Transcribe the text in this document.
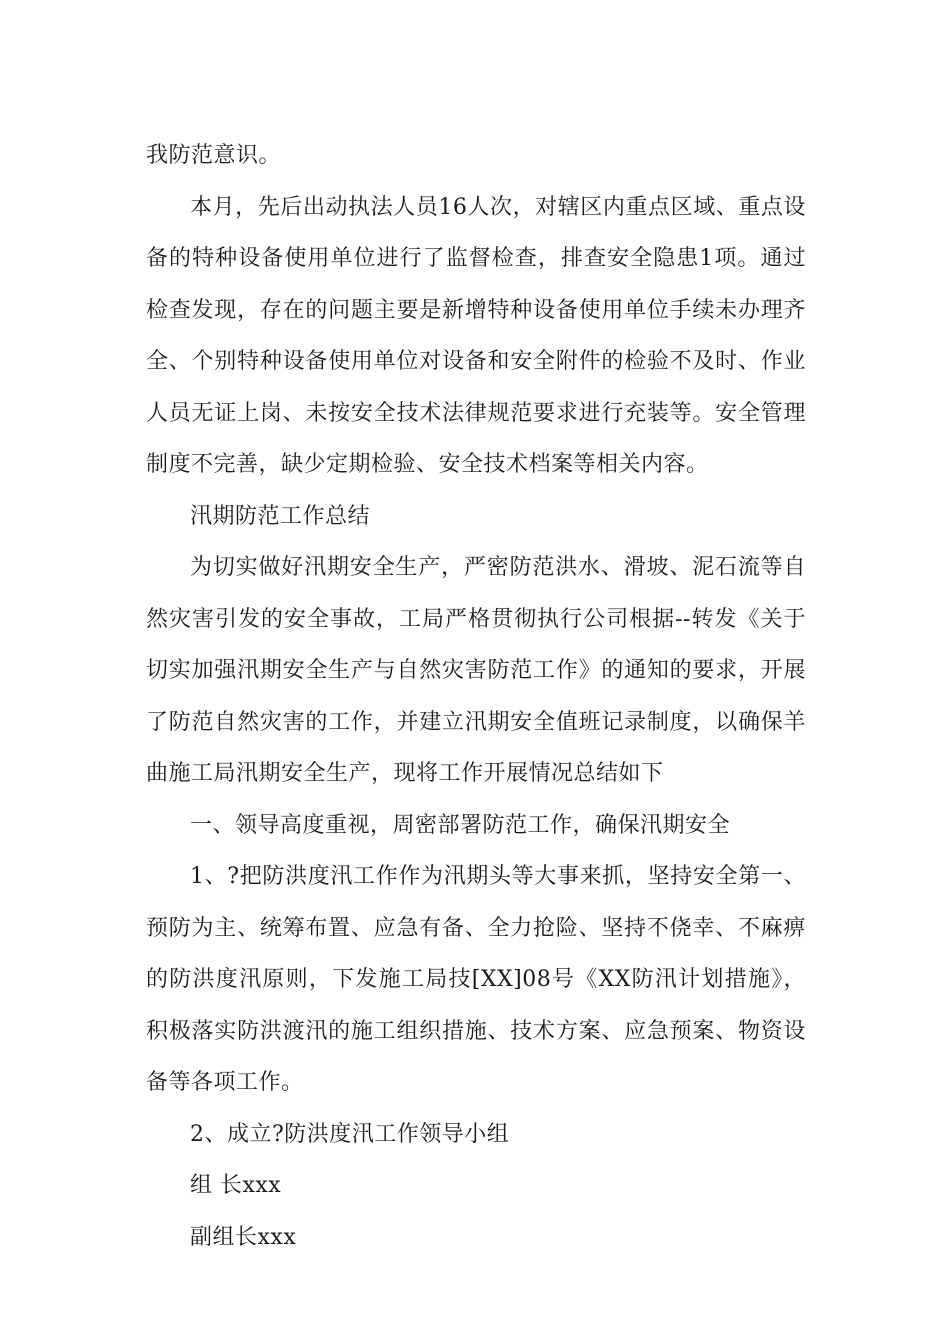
我防范意识。

本月，先后出动执法人员16人次，对辖区内重点区域、重点设备的特种设备使用单位进行了监督检查，排查安全隐患1项。通过检查发现，存在的问题主要是新增特种设备使用单位手续未办理齐全、个别特种设备使用单位对设备和安全附件的检验不及时、作业人员无证上岗、未按安全技术法律规范要求进行充装等。安全管理制度不完善，缺少定期检验、安全技术档案等相关内容。

汛期防范工作总结

为切实做好汛期安全生产，严密防范洪水、滑坡、泥石流等自然灾害引发的安全事故，工局严格贯彻执行公司根据--转发《关于切实加强汛期安全生产与自然灾害防范工作》的通知的要求，开展了防范自然灾害的工作，并建立汛期安全值班记录制度，以确保羊曲施工局汛期安全生产，现将工作开展情况总结如下

一、领导高度重视，周密部署防范工作，确保汛期安全

1、?把防洪度汛工作作为汛期头等大事来抓，坚持安全第一、预防为主、统筹布置、应急有备、全力抢险、坚持不侥幸、不麻痹的防洪度汛原则，下发施工局技[XX]08号《XX防汛计划措施》，积极落实防洪渡汛的施工组织措施、技术方案、应急预案、物资设备等各项工作。

2、成立?防洪度汛工作领导小组

组 长xxx

副组长xxx
